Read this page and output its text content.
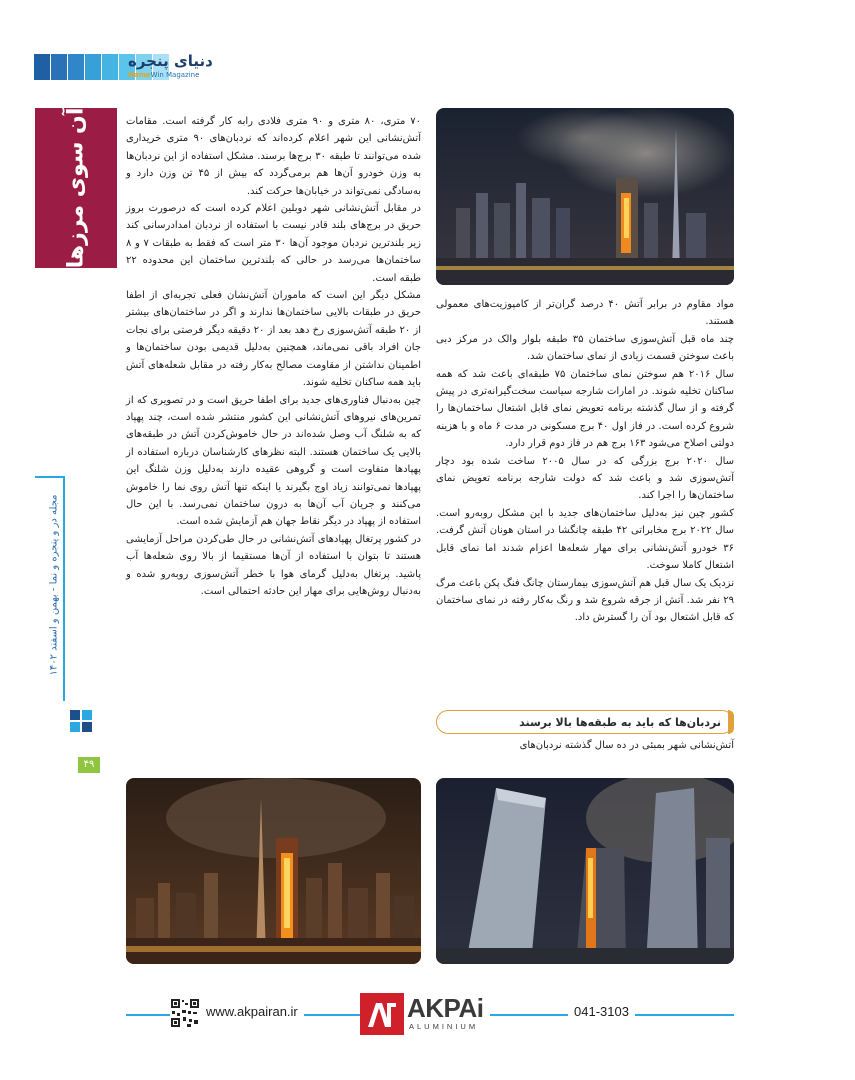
دنیای پنجره
NameWin Magazine
آن سوی مرزها
مجله در و پنجره و نما - بهمن و اسفند ۱۴۰۲
۴۹

۷۰ متری، ۸۰ متری و ۹۰ متری فلادی رابه کار گرفته است. مقامات آتش‌نشانی این شهر اعلام کرده‌اند که نردبان‌های ۹۰ متری خریداری شده می‌توانند تا طبقه ۳۰ برج‌ها برسند. مشکل استفاده از این نردبان‌ها به وزن خودرو آن‌ها هم برمی‌گردد که بیش از ۴۵ تن وزن دارد و به‌سادگی نمی‌تواند در خیابان‌ها حرکت کند.

در مقابل آتش‌نشانی شهر دوبلین اعلام کرده است که درصورت بروز حریق در برج‌های بلند قادر نیست با استفاده از نردبان امدادرسانی کند زیر بلندترین نردبان موجود آن‌ها ۳۰ متر است که فقط به طبقات ۷ و ۸ ساختمان‌ها می‌رسد در حالی که بلندترین ساختمان این محدوده ۲۲ طبقه است.

مشکل دیگر این است که ماموران آتش‌نشان فعلی تجربه‌ای از اطفا حریق در طبقات بالایی ساختمان‌ها ندارند و اگر در ساختمان‌های بیشتر از ۲۰ طبقه آتش‌سوزی رخ دهد بعد از ۲۰ دقیقه دیگر فرصتی برای نجات جان افراد باقی نمی‌ماند، همچنین به‌دلیل قدیمی بودن ساختمان‌ها و اطمینان نداشتن از مقاومت مصالح به‌کار رفته در مقابل شعله‌های آتش باید همه ساکنان تخلیه شوند.

چین به‌دنبال فناوری‌های جدید برای اطفا حریق است و در تصویری که از تمرین‌های نیروهای آتش‌نشانی این کشور منتشر شده است، چند پهپاد که به شلنگ آب وصل شده‌اند در حال خاموش‌کردن آتش در طبقه‌های بالایی یک ساختمان هستند. البته نظرهای کارشناسان درباره استفاده از پهپادها متفاوت است و گروهی عقیده دارند به‌دلیل وزن شلنگ این پهپادها نمی‌توانند زیاد اوج بگیرند یا اینکه تنها آتش روی نما را خاموش می‌کنند و جریان آب آن‌ها به درون ساختمان نمی‌رسد. با این حال استفاده از پهپاد در دیگر نقاط جهان هم آزمایش شده است.

در کشور پرتغال پهپادهای آتش‌نشانی در حال طی‌کردن مراحل آزمایشی هستند تا بتوان با استفاده از آن‌ها مستقیما از بالا روی شعله‌ها آب پاشید. پرتغال به‌دلیل گرمای هوا با خطر آتش‌سوزی روبه‌رو شده و به‌دنبال روش‌هایی برای مهار این حادثه احتمالی است.

مواد مقاوم در برابر آتش ۴۰ درصد گران‌تر از کامپوزیت‌های معمولی هستند.

چند ماه قبل آتش‌سوزی ساختمان ۳۵ طبقه بلوار والک در مرکز دبی باعث سوختن قسمت زیادی از نمای ساختمان شد.

سال ۲۰۱۶ هم سوختن نمای ساختمان ۷۵ طبقه‌ای باعث شد که همه ساکنان تخلیه شوند. در امارات شارجه سیاست سخت‌گیرانه‌تری در پیش گرفته و از سال گذشته برنامه تعویض نمای قابل اشتعال ساختمان‌ها را شروع کرده است. در فاز اول ۴۰ برج مسکونی در مدت ۶ ماه و با هزینه دولتی اصلاح می‌شود ۱۶۳ برج هم در فاز دوم قرار دارد.

سال ۲۰۲۰ برج بزرگی که در سال ۲۰۰۵ ساخت شده بود دچار آتش‌سوزی شد و باعث شد که دولت شارجه برنامه تعویض نمای ساختمان‌ها را اجرا کند.

کشور چین نیز به‌دلیل ساختمان‌های جدید با این مشکل روبه‌رو است. سال ۲۰۲۲ برج مخابراتی ۴۲ طبقه چانگشا در استان هونان آتش گرفت. ۳۶ خودرو آتش‌نشانی برای مهار شعله‌ها اعزام شدند اما نمای قابل اشتعال کاملا سوخت.

نزدیک یک سال قبل هم آتش‌سوزی بیمارستان چانگ فنگ پکن باعث مرگ ۲۹ نفر شد. آتش از جرقه شروع شد و رنگ به‌کار رفته در نمای ساختمان که قابل اشتعال بود آن را گسترش داد.

نردبان‌ها که باید به طبقه‌ها بالا برسند
آتش‌نشانی شهر بمبئی در ده سال گذشته نردبان‌های
www.akpairan.ir	AKPAi
ALUMINIUM
041-3103
